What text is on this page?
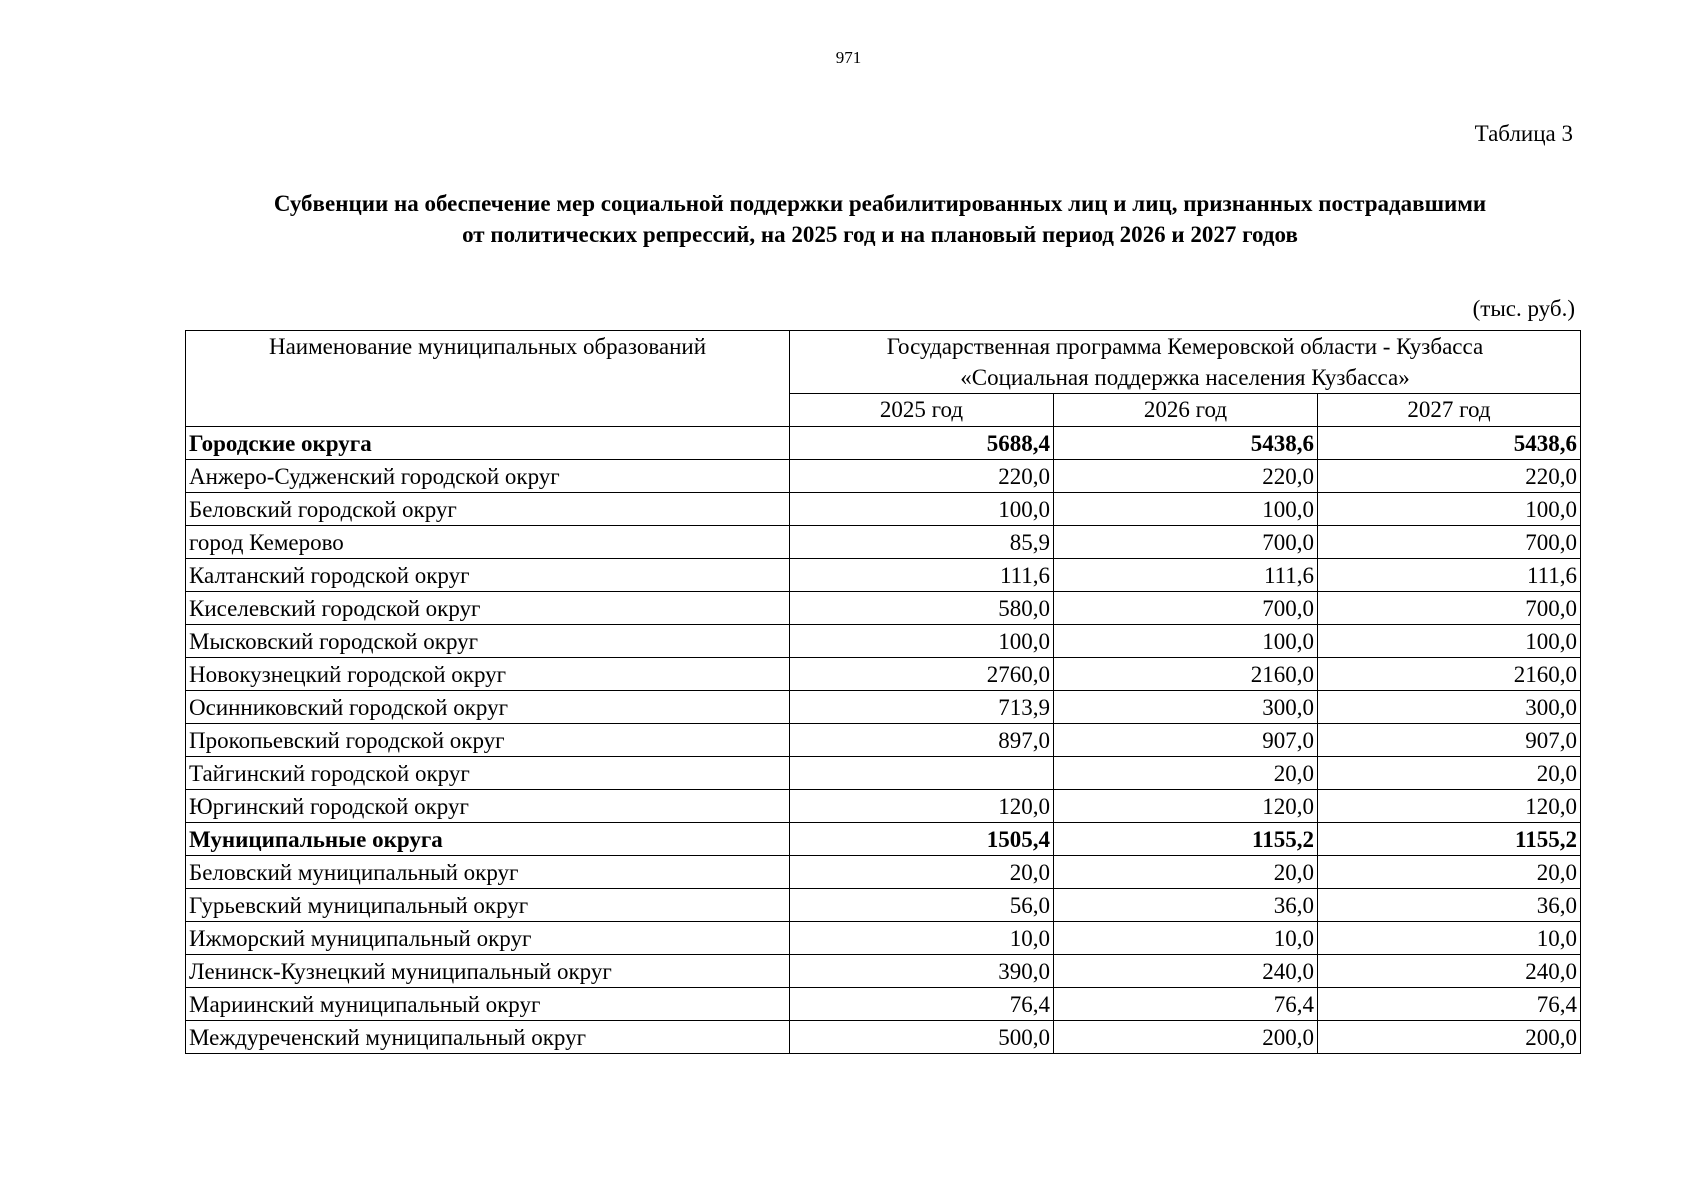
971
Таблица 3
Субвенции на обеспечение мер социальной поддержки реабилитированных лиц и лиц, признанных пострадавшими
от политических репрессий, на 2025 год и на плановый период 2026 и 2027 годов
(тыс. руб.)
Наименование муниципальных образований	Государственная программа Кемеровской области - Кузбасса
«Социальная поддержка населения Кузбасса»		

	2025 год	2026 год	2027 год
Городские округа	5688,4	5438,6	5438,6
Анжеро-Судженский городской округ	220,0	220,0	220,0
Беловский городской округ	100,0	100,0	100,0
город Кемерово	85,9	700,0	700,0
Калтанский городской округ	111,6	111,6	111,6
Киселевский городской округ	580,0	700,0	700,0
Мысковский городской округ	100,0	100,0	100,0
Новокузнецкий городской округ	2760,0	2160,0	2160,0
Осинниковский городской округ	713,9	300,0	300,0
Прокопьевский городской округ	897,0	907,0	907,0
Тайгинский городской округ		20,0	20,0
Юргинский городской округ	120,0	120,0	120,0
Муниципальные округа	1505,4	1155,2	1155,2
Беловский муниципальный округ	20,0	20,0	20,0
Гурьевский муниципальный округ	56,0	36,0	36,0
Ижморский муниципальный округ	10,0	10,0	10,0
Ленинск-Кузнецкий муниципальный округ	390,0	240,0	240,0
Мариинский муниципальный округ	76,4	76,4	76,4
Междуреченский муниципальный округ	500,0	200,0	200,0
